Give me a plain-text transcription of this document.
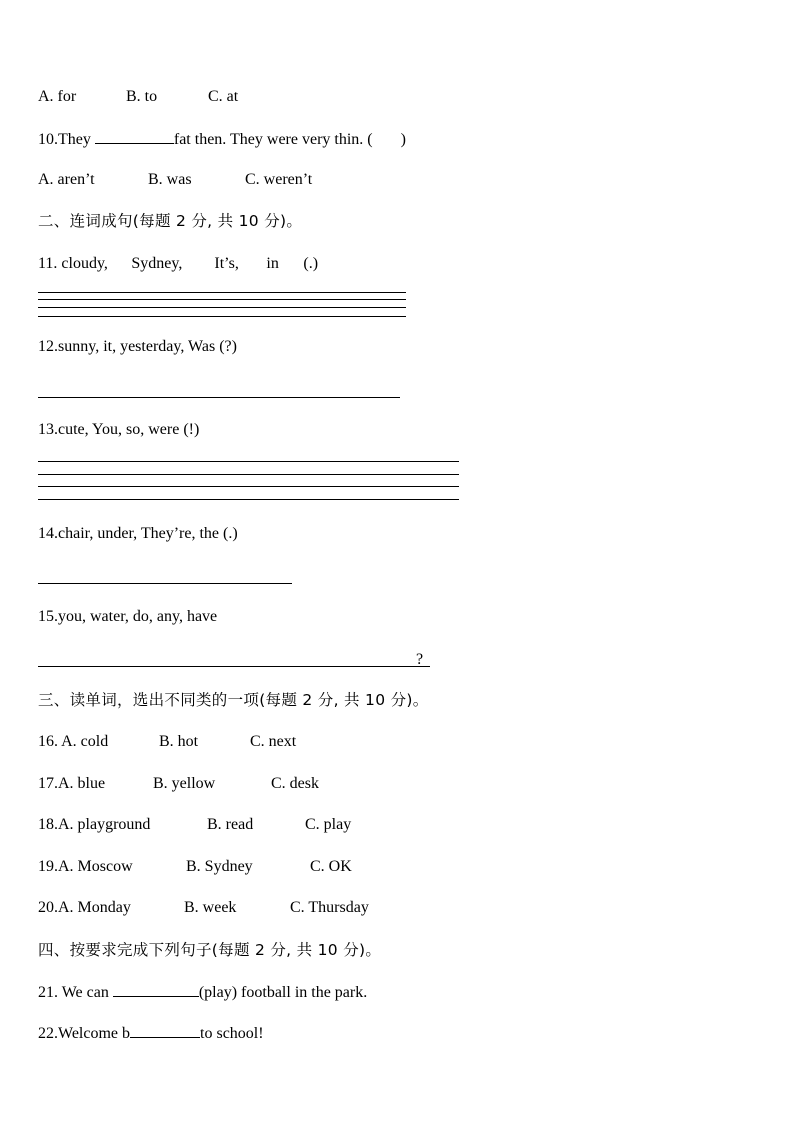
A. for	B. to	C. at
10.They	fat then. They were very thin. ( )
A. aren’t	B. was	C. weren’t
二、连词成句(每题 2 分, 共 10 分)。
11. cloudy, Sydney, It’s, in (.)
12.sunny, it, yesterday, Was (?)
13.cute, You, so, were (!)
14.chair, under, They’re, the (.)
15.you, water, do, any, have
?
三、读单词，选出不同类的一项(每题 2 分, 共 10 分)。
16. A. cold	B. hot	C. next
17.A. blue	B. yellow	C. desk
18.A. playground	B. read	C. play
19.A. Moscow	B. Sydney	C. OK
20.A. Monday	B. week	C. Thursday
四、按要求完成下列句子(每题 2 分, 共 10 分)。
21. We can	(play) football in the park.
22.Welcome b	to school!
